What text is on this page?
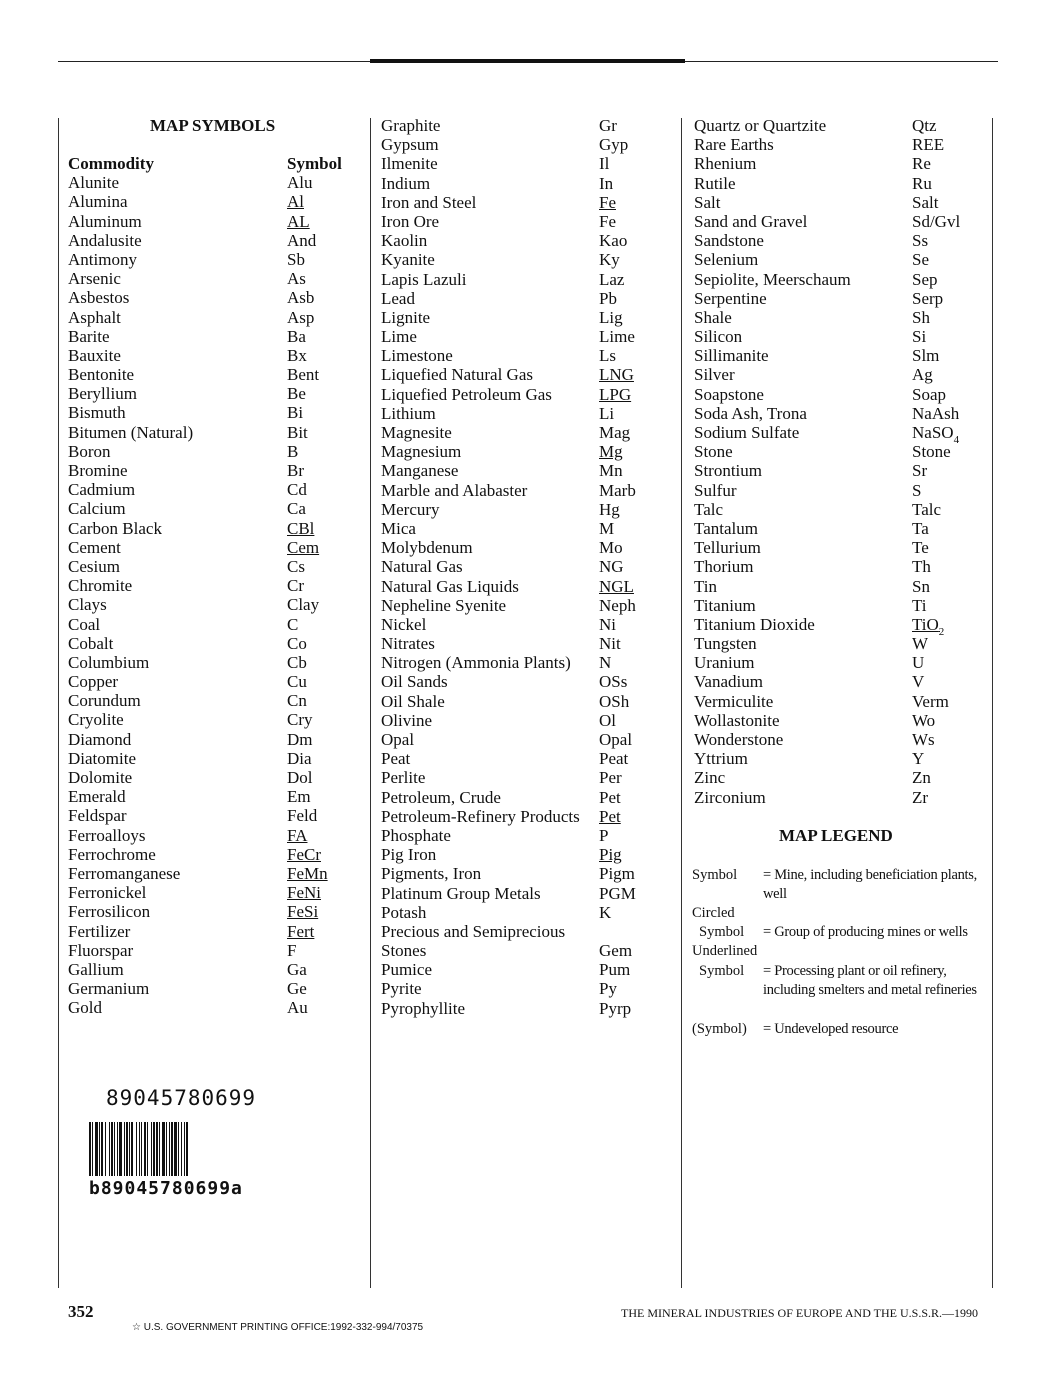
MAP SYMBOLS
Commodity	Symbol
Alunite	Alu
Alumina	Al
Aluminum	AL
Andalusite	And
Antimony	Sb
Arsenic	As
Asbestos	Asb
Asphalt	Asp
Barite	Ba
Bauxite	Bx
Bentonite	Bent
Beryllium	Be
Bismuth	Bi
Bitumen (Natural)	Bit
Boron	B
Bromine	Br
Cadmium	Cd
Calcium	Ca
Carbon Black	CBl
Cement	Cem
Cesium	Cs
Chromite	Cr
Clays	Clay
Coal	C
Cobalt	Co
Columbium	Cb
Copper	Cu
Corundum	Cn
Cryolite	Cry
Diamond	Dm
Diatomite	Dia
Dolomite	Dol
Emerald	Em
Feldspar	Feld
Ferroalloys	FA
Ferrochrome	FeCr
Ferromanganese	FeMn
Ferronickel	FeNi
Ferrosilicon	FeSi
Fertilizer	Fert
Fluorspar	F
Gallium	Ga
Germanium	Ge
Gold	Au
Graphite	Gr
Gypsum	Gyp
Ilmenite	Il
Indium	In
Iron and Steel	Fe
Iron Ore	Fe
Kaolin	Kao
Kyanite	Ky
Lapis Lazuli	Laz
Lead	Pb
Lignite	Lig
Lime	Lime
Limestone	Ls
Liquefied Natural Gas	LNG
Liquefied Petroleum Gas	LPG
Lithium	Li
Magnesite	Mag
Magnesium	Mg
Manganese	Mn
Marble and Alabaster	Marb
Mercury	Hg
Mica	M
Molybdenum	Mo
Natural Gas	NG
Natural Gas Liquids	NGL
Nepheline Syenite	Neph
Nickel	Ni
Nitrates	Nit
Nitrogen (Ammonia Plants) N
Oil Sands	OSs
Oil Shale	OSh
Olivine	Ol
Opal	Opal
Peat	Peat
Perlite	Per
Petroleum, Crude	Pet
Petroleum-Refinery Products Pet
Phosphate	P
Pig Iron	Pig
Pigments, Iron	Pigm
Platinum Group Metals	PGM
Potash	K
Precious and Semiprecious
Stones	Gem
Pumice	Pum
Pyrite	Py
Pyrophyllite	Pyrp
Quartz or Quartzite	Qtz
Rare Earths	REE
Rhenium	Re
Rutile	Ru
Salt	Salt
Sand and Gravel	Sd/Gvl
Sandstone	Ss
Selenium	Se
Sepiolite, Meerschaum	Sep
Serpentine	Serp
Shale	Sh
Silicon	Si
Sillimanite	Slm
Silver	Ag
Soapstone	Soap
Soda Ash, Trona	NaAsh
Sodium Sulfate	NaSO$_4$
Stone	Stone
Strontium	Sr
Sulfur	S
Talc	Talc
Tantalum	Ta
Tellurium	Te
Thorium	Th
Tin	Sn
Titanium	Ti
Titanium Dioxide	TiO$_2$
Tungsten	W
Uranium	U
Vanadium	V
Vermiculite	Verm
Wollastonite	Wo
Wonderstone	Ws
Yttrium	Y
Zinc	Zn
Zirconium	Zr
MAP LEGEND
Symbol = Mine, including beneficiation plants, well
Circled
Symbol = Group of producing mines or wells
Underlined
Symbol = Processing plant or oil refinery, including smelters and metal refineries
(Symbol) = Undeveloped resource
89045780699
b89045780699a
352
☆ U.S. GOVERNMENT PRINTING OFFICE:1992-332-994/70375
THE MINERAL INDUSTRIES OF EUROPE AND THE U.S.S.R.—1990
